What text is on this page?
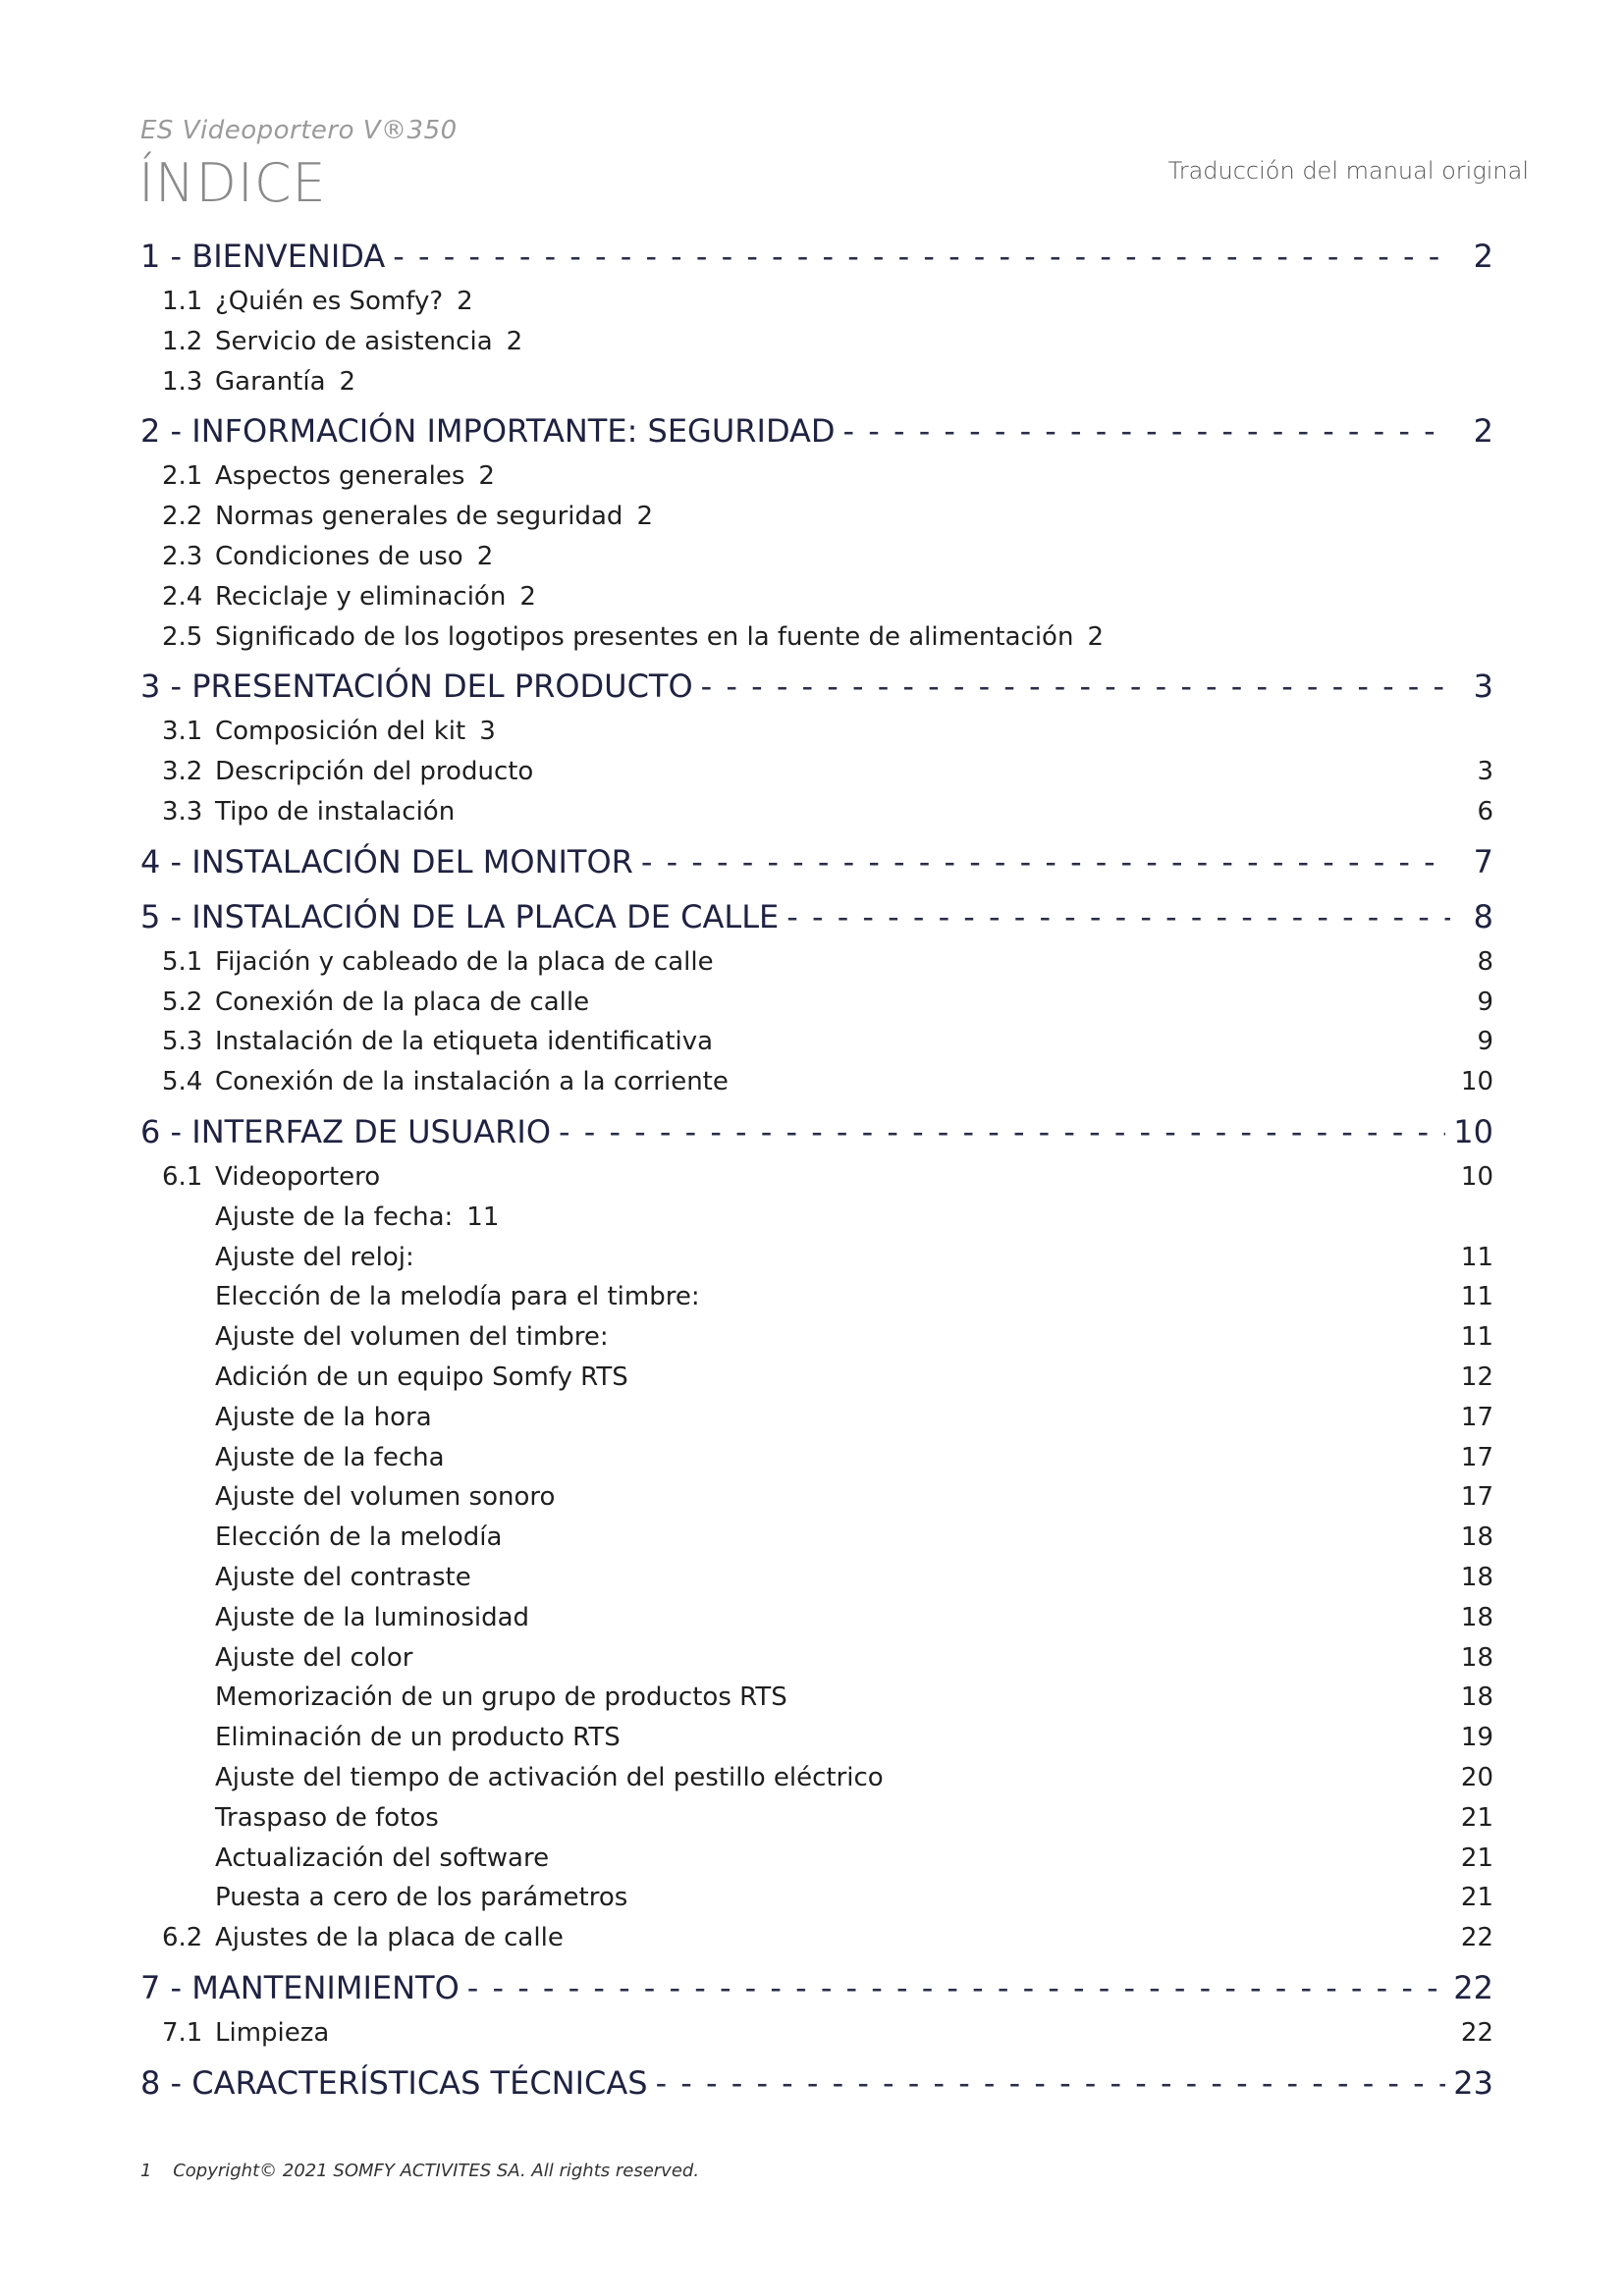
ES Videoportero V®350
ÍNDICE	Traducción del manual original
1 - BIENVENIDA - - -	2
1.1 ¿Quién es Somfy? 2
1.2 Servicio de asistencia 2
1.3 Garantía 2
2 - INFORMACIÓN IMPORTANTE: SEGURIDAD - - -	2
2.1 Aspectos generales 2
2.2 Normas generales de seguridad 2
2.3 Condiciones de uso 2
2.4 Reciclaje y eliminación 2
2.5 Significado de los logotipos presentes en la fuente de alimentación 2
3 - PRESENTACIÓN DEL PRODUCTO - - -	3
3.1 Composición del kit 3
3.2 Descripción del producto	3
3.3 Tipo de instalación	6
4 - INSTALACIÓN DEL MONITOR - - -	7
5 - INSTALACIÓN DE LA PLACA DE CALLE - - -	8
5.1 Fijación y cableado de la placa de calle	8
5.2 Conexión de la placa de calle	9
5.3 Instalación de la etiqueta identificativa	9
5.4 Conexión de la instalación a la corriente	10
6 - INTERFAZ DE USUARIO - - -	10
6.1 Videoportero	10
Ajuste de la fecha: 11
Ajuste del reloj:	11
Elección de la melodía para el timbre:	11
Ajuste del volumen del timbre:	11
Adición de un equipo Somfy RTS	12
Ajuste de la hora	17
Ajuste de la fecha	17
Ajuste del volumen sonoro	17
Elección de la melodía	18
Ajuste del contraste	18
Ajuste de la luminosidad	18
Ajuste del color	18
Memorización de un grupo de productos RTS	18
Eliminación de un producto RTS	19
Ajuste del tiempo de activación del pestillo eléctrico	20
Traspaso de fotos	21
Actualización del software	21
Puesta a cero de los parámetros	21
6.2 Ajustes de la placa de calle	22
7 - MANTENIMIENTO - - -	22
7.1 Limpieza	22
8 - CARACTERÍSTICAS TÉCNICAS - - -	23
1 Copyright© 2021 SOMFY ACTIVITES SA. All rights reserved.
